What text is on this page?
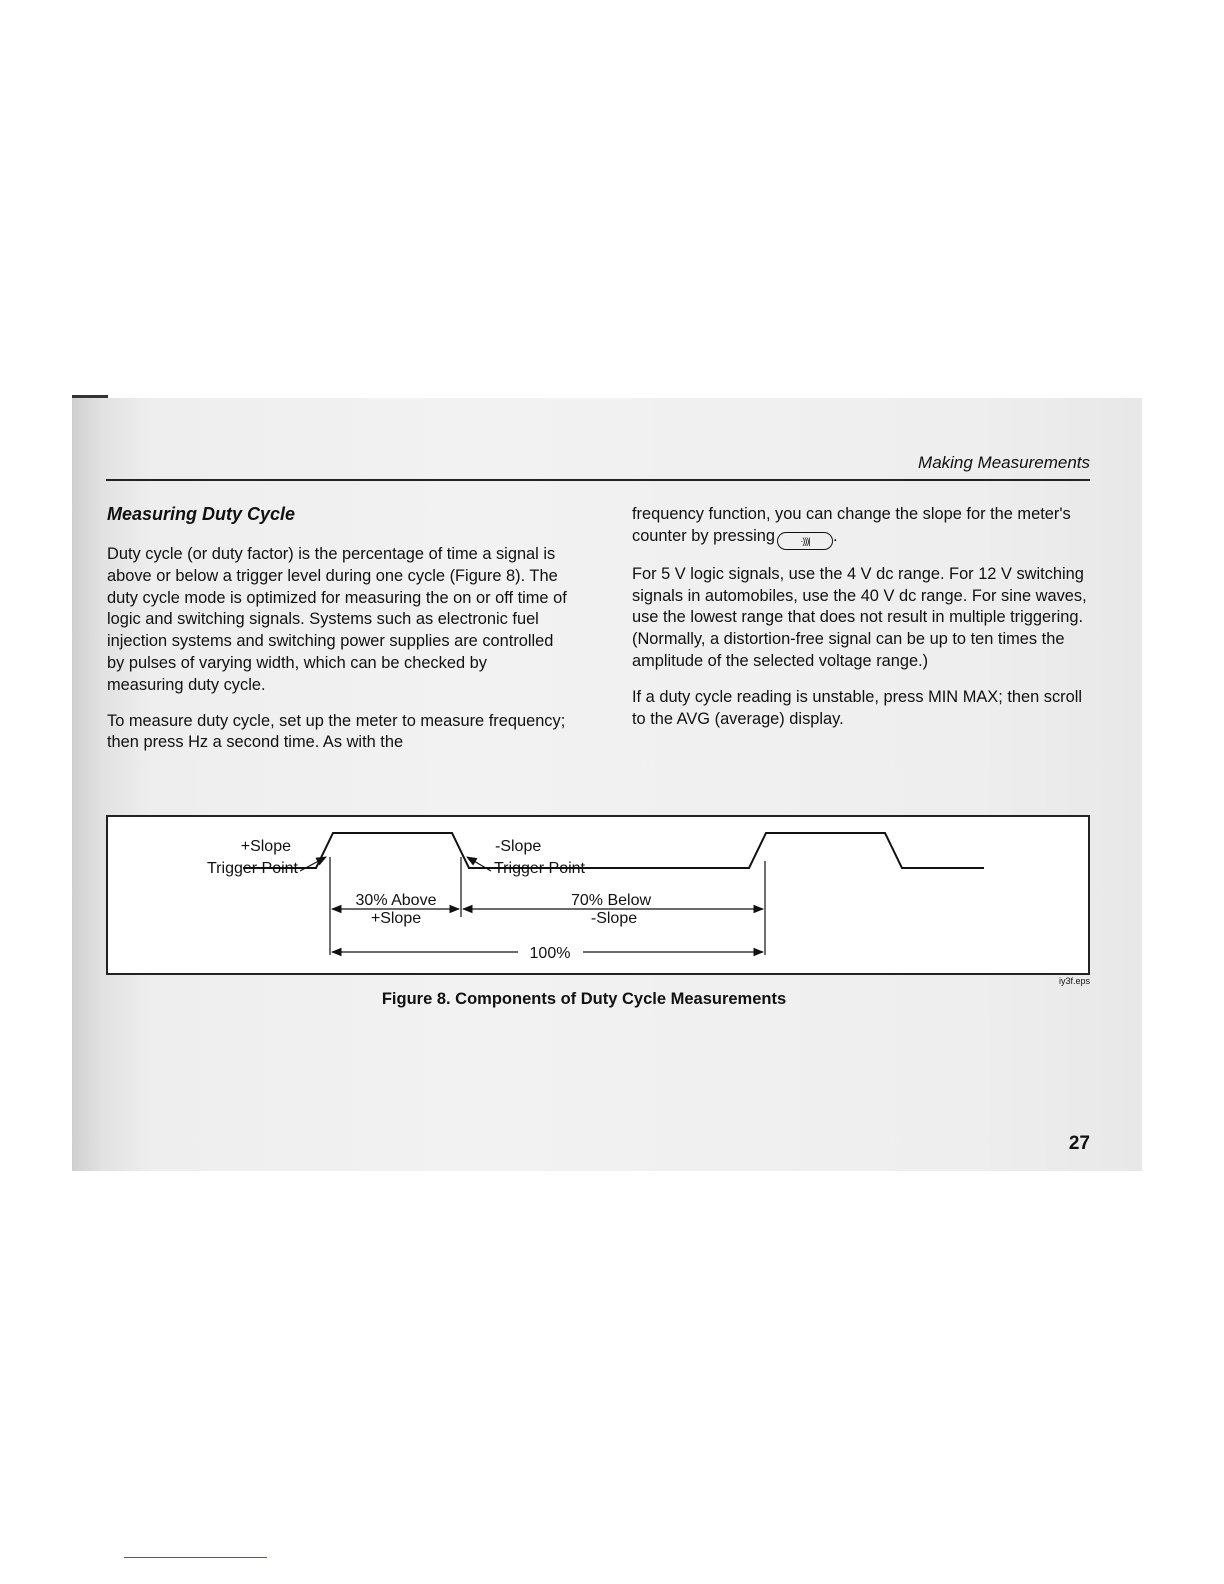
Making Measurements
Measuring Duty Cycle

Duty cycle (or duty factor) is the percentage of time a signal is above or below a trigger level during one cycle (Figure 8). The duty cycle mode is optimized for measuring the on or off time of logic and switching signals. Systems such as electronic fuel injection systems and switching power supplies are controlled by pulses of varying width, which can be checked by measuring duty cycle.

To measure duty cycle, set up the meter to measure frequency; then press Hz a second time. As with the

frequency function, you can change the slope for the meter's counter by pressing	·)))| .

For 5 V logic signals, use the 4 V dc range. For 12 V switching signals in automobiles, use the 40 V dc range. For sine waves, use the lowest range that does not result in multiple triggering. (Normally, a distortion-free signal can be up to ten times the amplitude of the selected voltage range.)

If a duty cycle reading is unstable, press MIN MAX; then scroll to the AVG (average) display.

+Slope
Trigger Point
-Slope
Trigger Point
30% Above
+Slope
70% Below
-Slope
100%
iy3f.eps
Figure 8. Components of Duty Cycle Measurements
27
